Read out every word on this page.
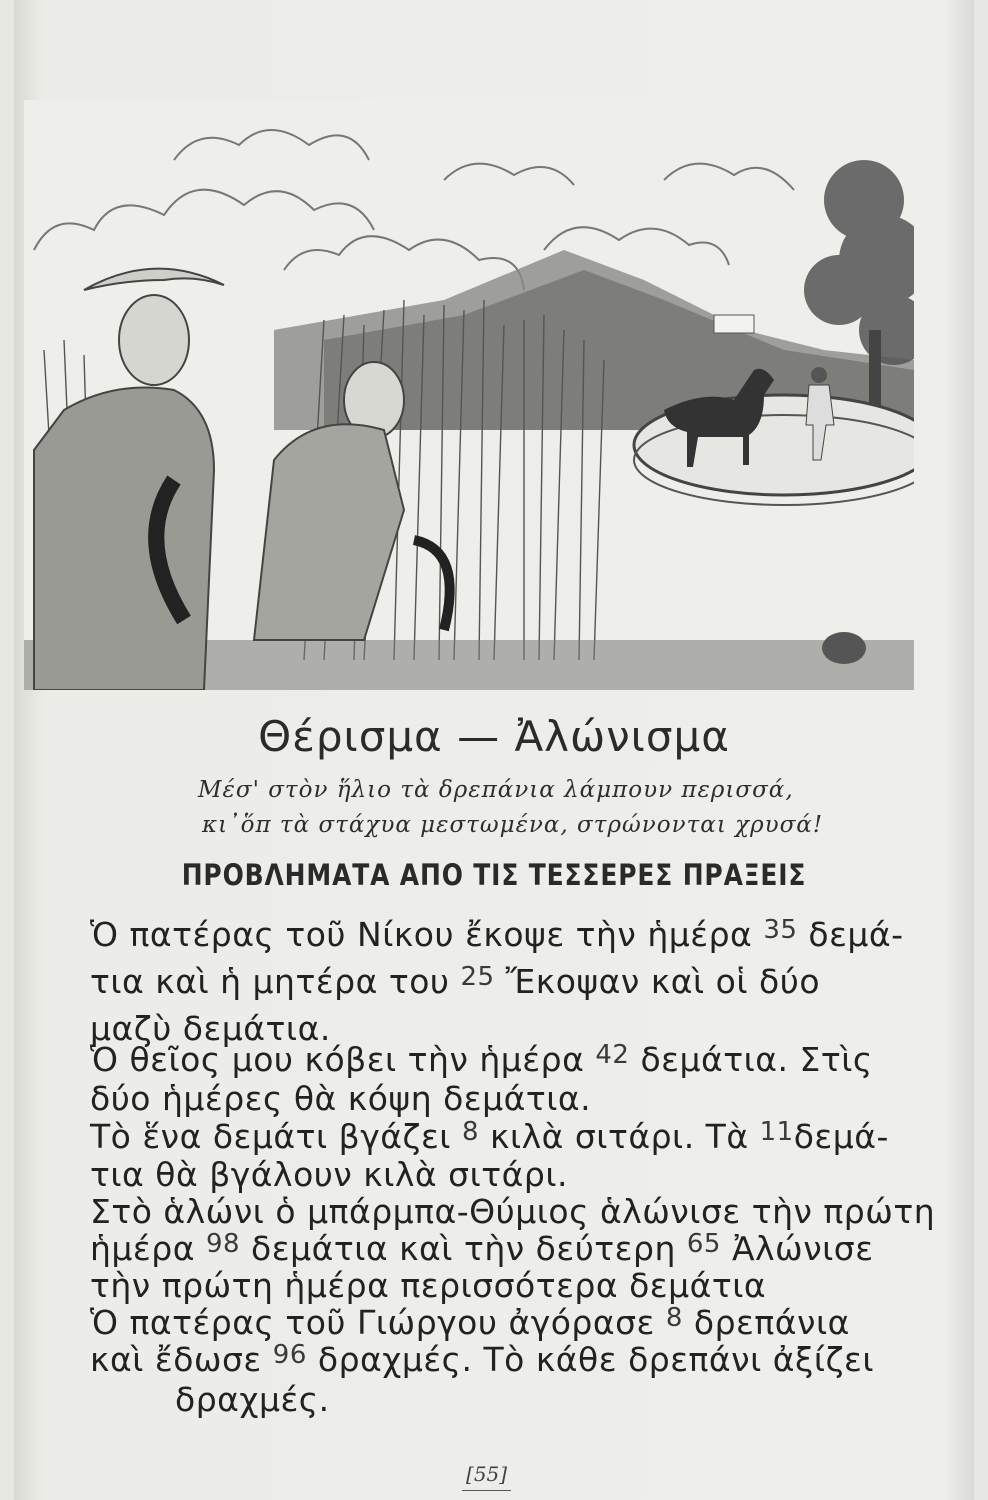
Θέρισμα — Ἀλώνισμα
Μέσ' στὸν ἥλιο τὰ δρεπάνια λάμπουν περισσά,
κι᾽ὅπ τὰ στάχυα μεστωμένα, στρώνονται χρυσά!
ΠΡΟΒΛΗΜΑΤΑ ΑΠΟ ΤΙΣ ΤΕΣΣΕΡΕΣ ΠΡΑΞΕΙΣ
Ὁ πατέρας τοῦ Νίκου ἔκοψε τὴν ἡμέρα $^{35}$ δεμά-
τια καὶ ἡ μητέρα του $^{25}$ Ἔκοψαν καὶ οἱ δύο
μαζὺ δεμάτια.
Ὁ θεῖος μου κόβει τὴν ἡμέρα $^{42}$ δεμάτια. Στὶς
δύο ἡμέρες θὰ κόψη δεμάτια.
Τὸ ἕνα δεμάτι βγάζει $^8$ κιλὰ σιτάρι. Τὰ $^{11}$δεμά-
τια θὰ βγάλουν κιλὰ σιτάρι.
Στὸ ἁλώνι ὁ μπάρμπα-Θύμιος ἁλώνισε τὴν πρώτη
ἡμέρα $^{98}$ δεμάτια καὶ τὴν δεύτερη $^{65}$ Ἀλώνισε
τὴν πρώτη ἡμέρα περισσότερα δεμάτια
Ὁ πατέρας τοῦ Γιώργου ἀγόρασε $^8$ δρεπάνια
καὶ ἔδωσε $^{96}$ δραχμές. Τὸ κάθε δρεπάνι ἀξίζει
δραχμές.
[55]
